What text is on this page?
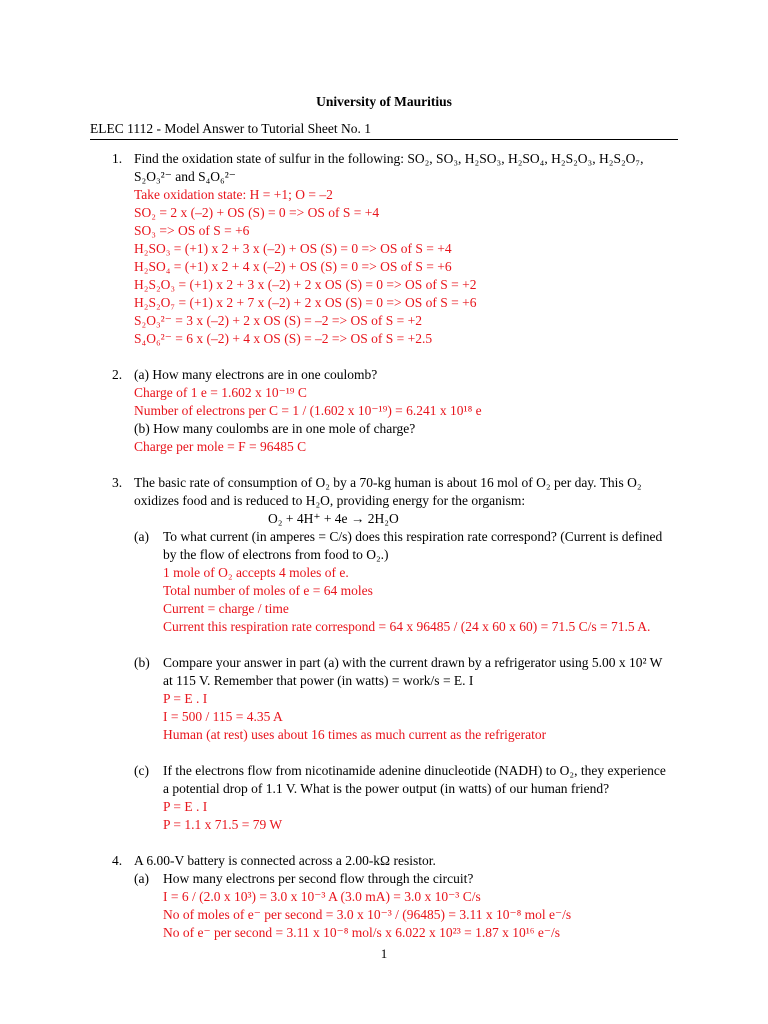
University of Mauritius
ELEC 1112 - Model Answer to Tutorial Sheet No. 1
1. Find the oxidation state of sulfur in the following: SO₂, SO₃, H₂SO₃, H₂SO₄, H₂S₂O₃, H₂S₂O₇,
S₂O₃²⁻ and S₄O₆²⁻
Take oxidation state: H = +1; O = –2
SO₂ = 2 x (–2) + OS (S) = 0 => OS of S = +4
SO₃ => OS of S = +6
H₂SO₃ = (+1) x 2 + 3 x (–2) + OS (S) = 0 => OS of S = +4
H₂SO₄ = (+1) x 2 + 4 x (–2) + OS (S) = 0 => OS of S = +6
H₂S₂O₃ = (+1) x 2 + 3 x (–2) + 2 x OS (S) = 0 => OS of S = +2
H₂S₂O₇ = (+1) x 2 + 7 x (–2) + 2 x OS (S) = 0 => OS of S = +6
S₂O₃²⁻ = 3 x (–2) + 2 x OS (S) = –2 => OS of S = +2
S₄O₆²⁻ = 6 x (–2) + 4 x OS (S) = –2 => OS of S = +2.5
2. (a) How many electrons are in one coulomb?
Charge of 1 e = 1.602 x 10⁻¹⁹ C
Number of electrons per C = 1 / (1.602 x 10⁻¹⁹) = 6.241 x 10¹⁸ e
(b) How many coulombs are in one mole of charge?
Charge per mole = F = 96485 C
3. The basic rate of consumption of O₂ by a 70-kg human is about 16 mol of O₂ per day. This O₂
oxidizes food and is reduced to H₂O, providing energy for the organism:
O₂ + 4H⁺ + 4e → 2H₂O
(a) To what current (in amperes = C/s) does this respiration rate correspond? (Current is defined
by the flow of electrons from food to O₂.)
1 mole of O₂ accepts 4 moles of e.
Total number of moles of e = 64 moles
Current = charge / time
Current this respiration rate correspond = 64 x 96485 / (24 x 60 x 60) = 71.5 C/s = 71.5 A.
(b) Compare your answer in part (a) with the current drawn by a refrigerator using 5.00 x 10² W
at 115 V. Remember that power (in watts) = work/s = E. I
P = E . I
I = 500 / 115 = 4.35 A
Human (at rest) uses about 16 times as much current as the refrigerator
(c) If the electrons flow from nicotinamide adenine dinucleotide (NADH) to O₂, they experience
a potential drop of 1.1 V. What is the power output (in watts) of our human friend?
P = E . I
P = 1.1 x 71.5 = 79 W
4. A 6.00-V battery is connected across a 2.00-kΩ resistor.
(a) How many electrons per second flow through the circuit?
I = 6 / (2.0 x 10³) = 3.0 x 10⁻³ A (3.0 mA) = 3.0 x 10⁻³ C/s
No of moles of e⁻ per second = 3.0 x 10⁻³ / (96485) = 3.11 x 10⁻⁸ mol e⁻/s
No of e⁻ per second = 3.11 x 10⁻⁸ mol/s x 6.022 x 10²³ = 1.87 x 10¹⁶ e⁻/s
1
